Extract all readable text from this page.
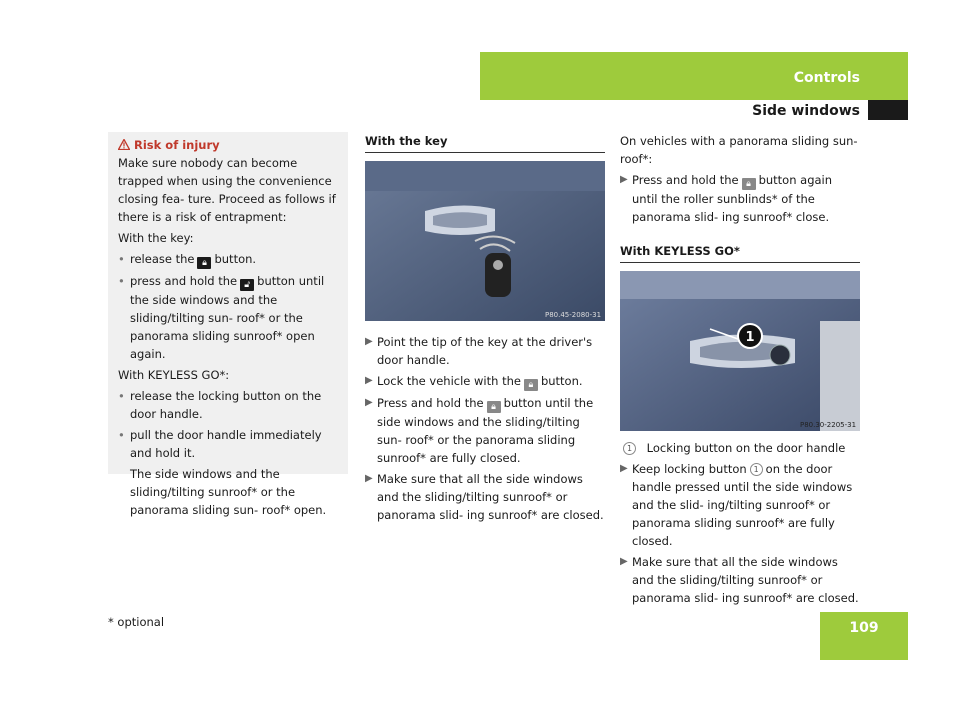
Controls
Side windows
Risk of injury

Make sure nobody can become trapped when using the convenience closing fea- ture. Proceed as follows if there is a risk of entrapment:

With the key:

• release the 🔒︎ button.
• press and hold the 🔓︎ button until the side windows and the sliding/tilting sun- roof* or the panorama sliding sunroof* open again.

With KEYLESS GO*:

• release the locking button on the door handle.
• pull the door handle immediately and hold it.

The side windows and the sliding/tilting sunroof* or the panorama sliding sun- roof* open.
With the key
P80.45-2080-31
▶ Point the tip of the key at the driver's door handle.
▶ Lock the vehicle with the 🔒︎ button.
▶ Press and hold the 🔒︎ button until the side windows and the sliding/tilting sun- roof* or the panorama sliding sunroof* are fully closed.
▶ Make sure that all the side windows and the sliding/tilting sunroof* or panorama slid- ing sunroof* are closed.

On vehicles with a panorama sliding sun- roof*:

▶ Press and hold the 🔒︎ button again until the roller sunblinds* of the panorama slid- ing sunroof* close.
With KEYLESS GO*
1
P80.30-2205-31
1 Locking button on the door handle
▶ Keep locking button 1 on the door handle pressed until the side windows and the slid- ing/tilting sunroof* or panorama sliding sunroof* are fully closed.
▶ Make sure that all the side windows and the sliding/tilting sunroof* or panorama slid- ing sunroof* are closed.
* optional	109
